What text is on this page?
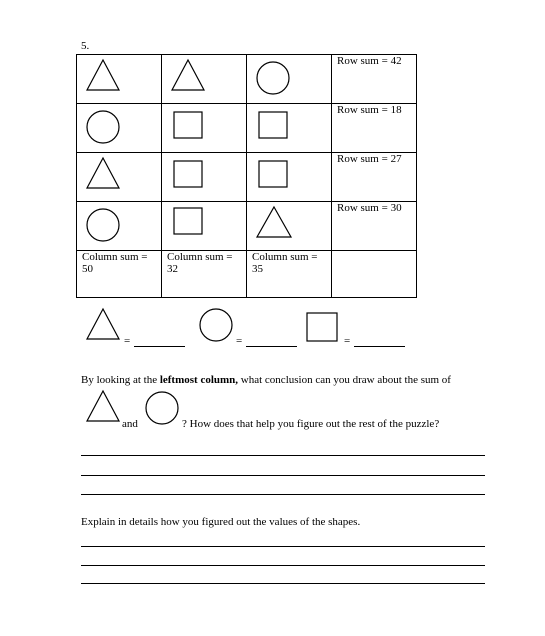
5.

Row sum = 42

Row sum = 18

Row sum = 27

Row sum = 30

Column sum = 50	Column sum = 32	Column sum = 35	

=	=	=
By looking at the leftmost column, what conclusion can you draw about the sum of
and	? How does that help you figure out the rest of the puzzle?
Explain in details how you figured out the values of the shapes.
